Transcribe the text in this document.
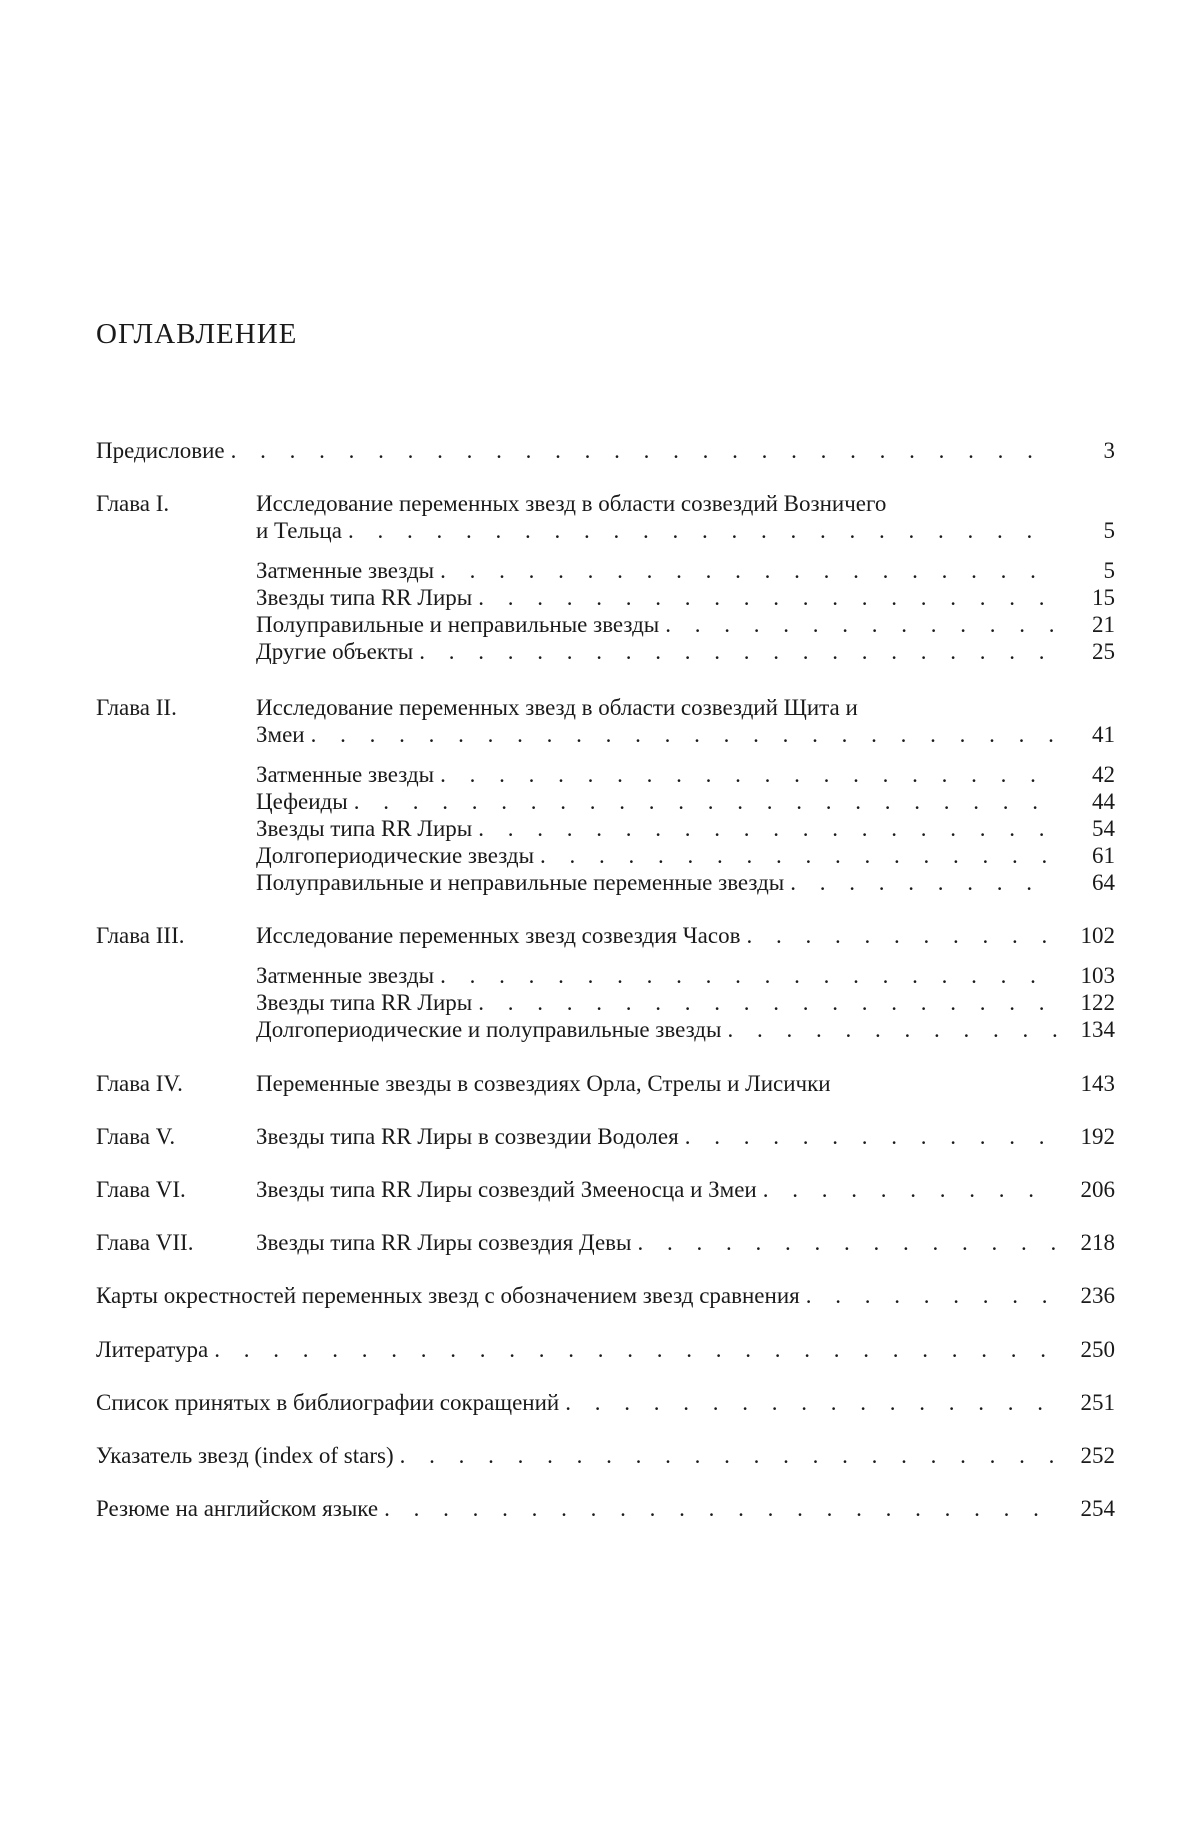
ОГЛАВЛЕНИЕ
Предисловие . . .	3
Глава I.	Исследование переменных звезд в области созвездий Возничего
и Тельца . . .	5
Затменные звезды . . .	5
Звезды типа RR Лиры . . .	15
Полуправильные и неправильные звезды . . .	21
Другие объекты . . .	25
Глава II.	Исследование переменных звезд в области созвездий Щита и
Змеи . . .	41
Затменные звезды . . .	42
Цефеиды . . .	44
Звезды типа RR Лиры . . .	54
Долгопериодические звезды . . .	61
Полуправильные и неправильные переменные звезды . . .	64
Глава III.	Исследование переменных звезд созвездия Часов . . .	102
Затменные звезды . . .	103
Звезды типа RR Лиры . . .	122
Долгопериодические и полуправильные звезды . . .	134
Глава IV.	Переменные звезды в созвездиях Орла, Стрелы и Лисички	143
Глава V.	Звезды типа RR Лиры в созвездии Водолея . . .	192
Глава VI.	Звезды типа RR Лиры созвездий Змееносца и Змеи . . .	206
Глава VII.	Звезды типа RR Лиры созвездия Девы . . .	218
Карты окрестностей переменных звезд с обозначением звезд сравнения . . .	236
Литература . . .	250
Список принятых в библиографии сокращений . . .	251
Указатель звезд (index of stars) . . .	252
Резюме на английском языке . . .	254
